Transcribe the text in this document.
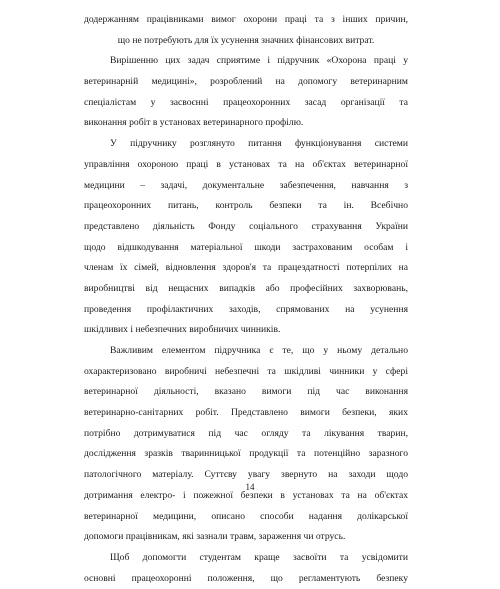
додержанням працівниками вимог охорони праці та з інших причин,
що не потребують для їх усунення значних фінансових витрат.
Вирішенню цих задач сприятиме і підручник «Охорона праці у
ветеринарній медицині», розроблений на допомогу ветеринарним
спеціалістам у засвоєнні працеохоронних засад організації та
виконання робіт в установах ветеринарного профілю.
У підручнику розглянуто питання функціонування системи
управління охороною праці в установах та на об'єктах ветеринарної
медицини – задачі, документальне забезпечення, навчання з
працеохоронних питань, контроль безпеки та ін. Всебічно
представлено діяльність Фонду соціального страхування України
щодо відшкодування матеріальної шкоди застрахованим особам і
членам їх сімей, відновлення здоров'я та працездатності потерпілих на
виробництві від нещасних випадків або професійних захворювань,
проведення профілактичних заходів, спрямованих на усунення
шкідливих і небезпечних виробничих чинників.
Важливим елементом підручника є те, що у ньому детально
охарактеризовано виробничі небезпечні та шкідливі чинники у сфері
ветеринарної діяльності, вказано вимоги під час виконання
ветеринарно-санітарних робіт. Представлено вимоги безпеки, яких
потрібно дотримуватися під час огляду та лікування тварин,
дослідження зразків тваринницької продукції та потенційно заразного
патологічного матеріалу. Суттєву увагу звернуто на заходи щодо
дотримання електро- і пожежної безпеки в установах та на об'єктах
ветеринарної медицини, описано способи надання долікарської
допомоги працівникам, які зазнали травм, зараження чи отрусь.
Щоб допомогти студентам краще засвоїти та усвідомити
основні працеохоронні положення, що регламентують безпеку
14
